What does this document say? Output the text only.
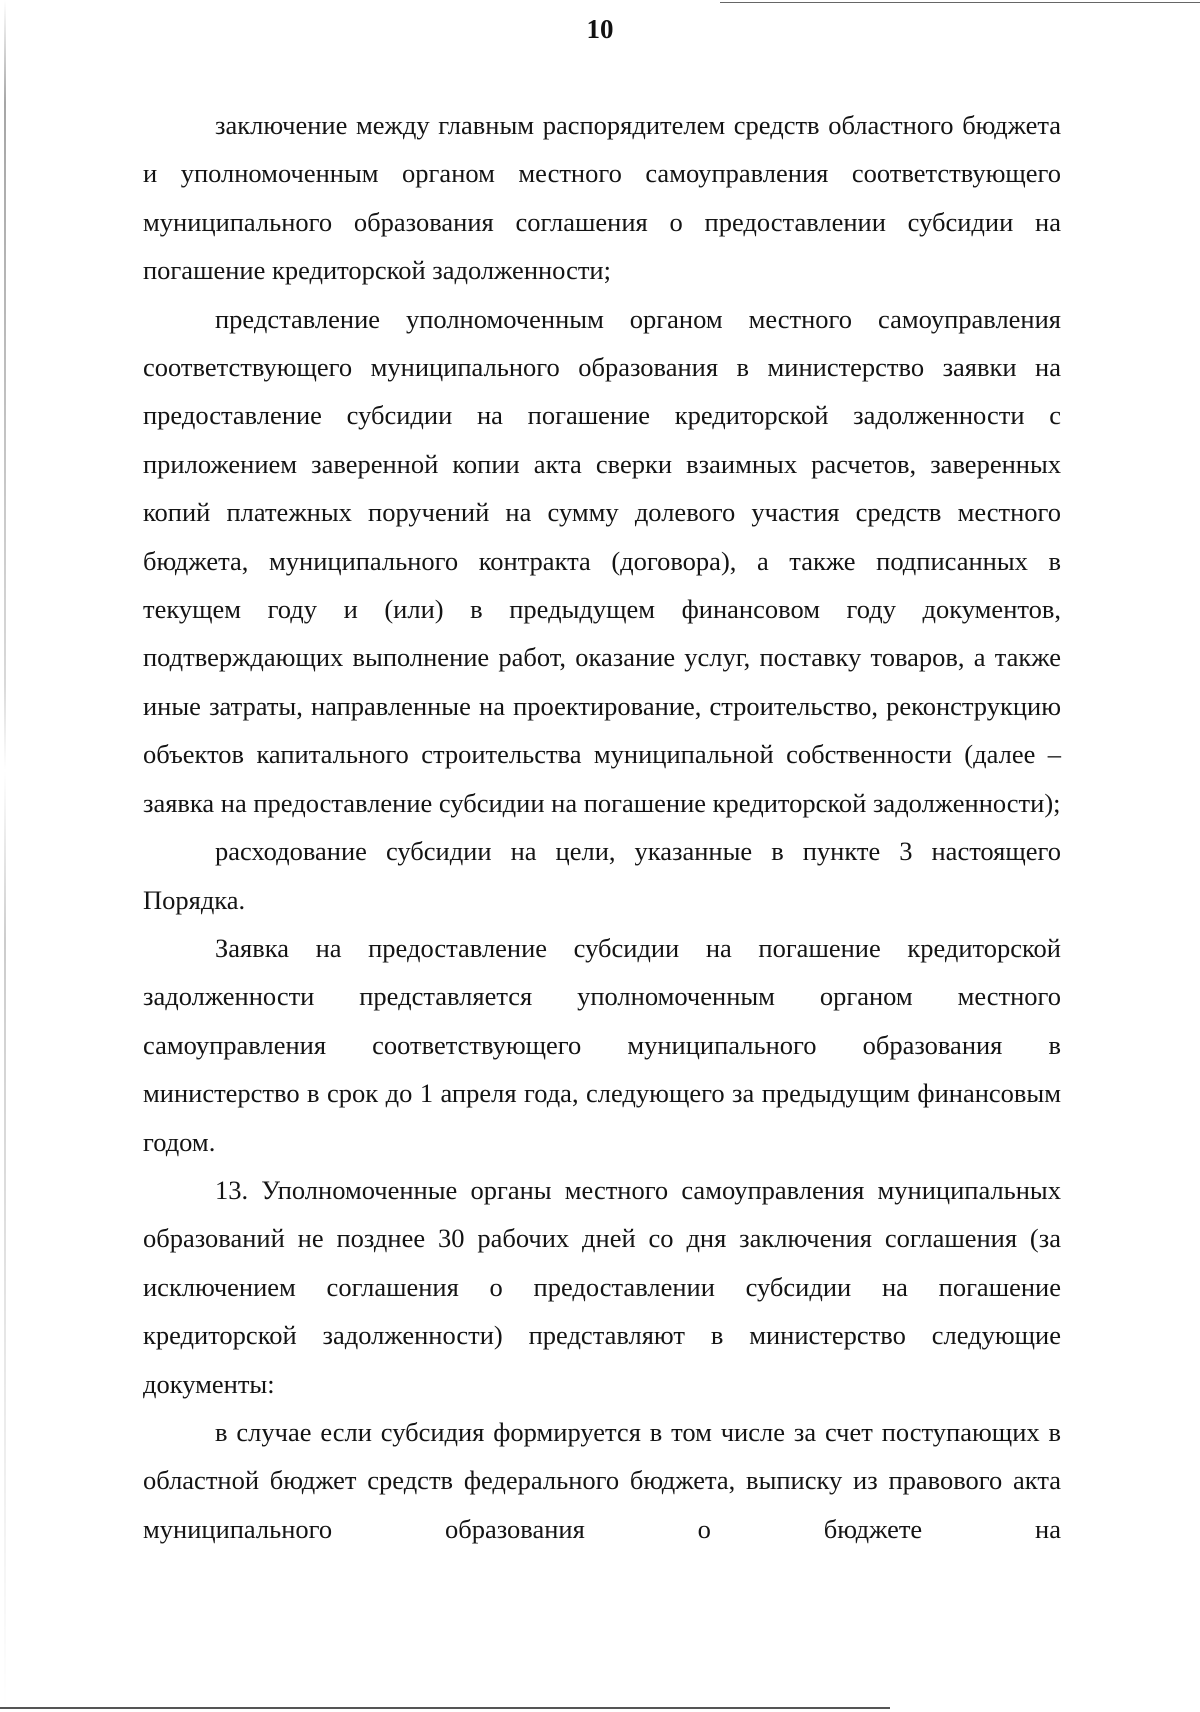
10

заключение между главным распорядителем средств областного бюджета и уполномоченным органом местного самоуправления соответствующего муниципального образования соглашения о предоставлении субсидии на погашение кредиторской задолженности;

представление уполномоченным органом местного самоуправления соответствующего муниципального образования в министерство заявки на предоставление субсидии на погашение кредиторской задолженности с приложением заверенной копии акта сверки взаимных расчетов, заверенных копий платежных поручений на сумму долевого участия средств местного бюджета, муниципального контракта (договора), а также подписанных в текущем году и (или) в предыдущем финансовом году документов, подтверждающих выполнение работ, оказание услуг, поставку товаров, а также иные затраты, направленные на проектирование, строительство, реконструкцию объектов капитального строительства муниципальной собственности (далее – заявка на предоставление субсидии на погашение кредиторской задолженности);

расходование субсидии на цели, указанные в пункте 3 настоящего Порядка.

Заявка на предоставление субсидии на погашение кредиторской задолженности представляется уполномоченным органом местного самоуправления соответствующего муниципального образования в министерство в срок до 1 апреля года, следующего за предыдущим финансовым годом.

13. Уполномоченные органы местного самоуправления муниципальных образований не позднее 30 рабочих дней со дня заключения соглашения (за исключением соглашения о предоставлении субсидии на погашение кредиторской задолженности) представляют в министерство следующие документы:

в случае если субсидия формируется в том числе за счет поступающих в областной бюджет средств федерального бюджета, выписку из правового акта муниципального образования о бюджете на
